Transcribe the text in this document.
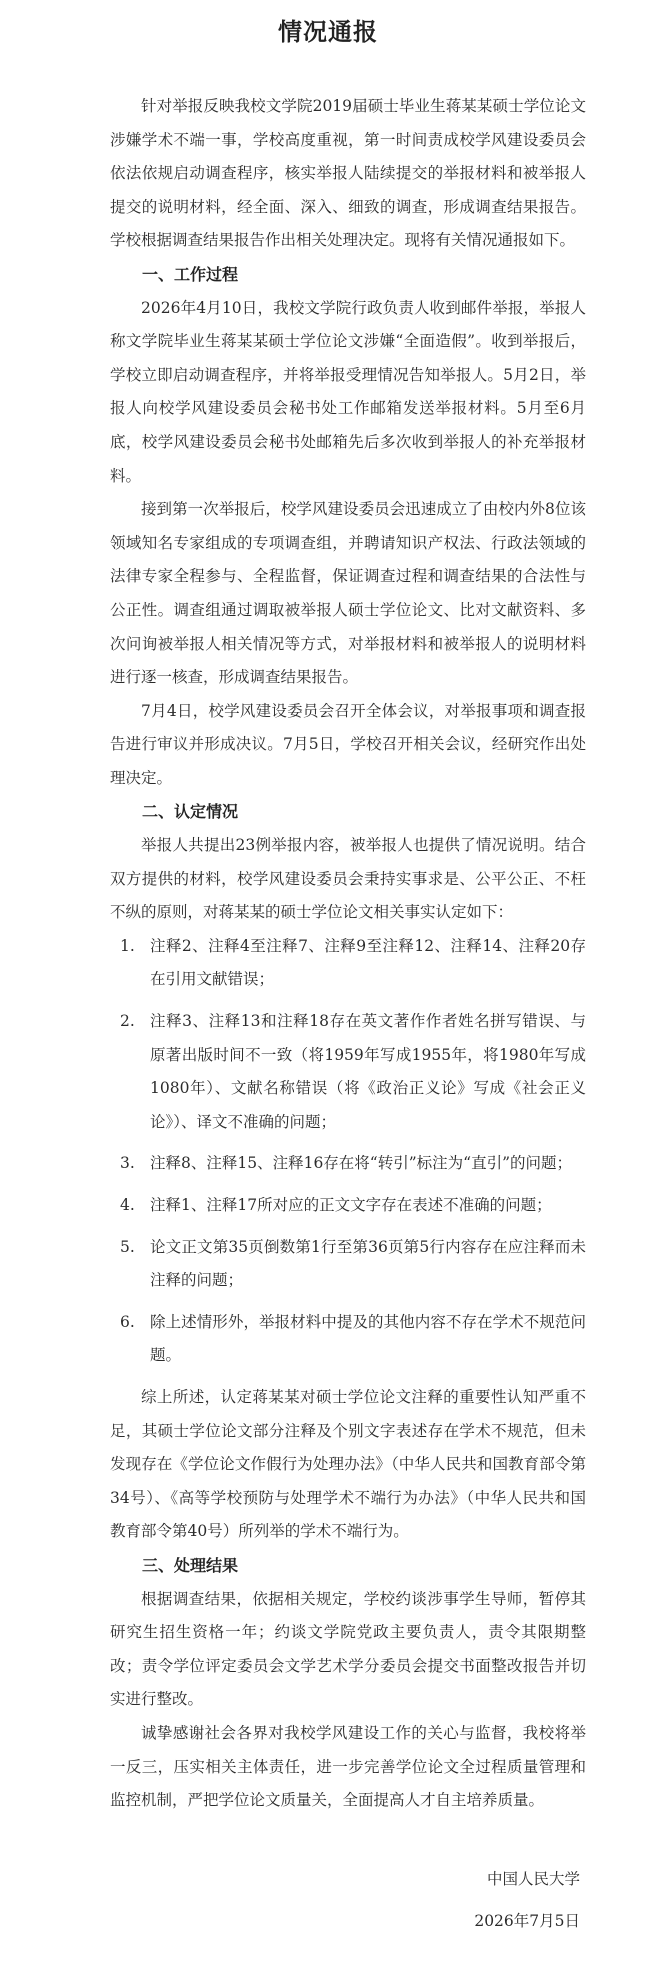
情况通报

针对举报反映我校文学院2019届硕士毕业生蒋某某硕士学位论文涉嫌学术不端一事，学校高度重视，第一时间责成校学风建设委员会依法依规启动调查程序，核实举报人陆续提交的举报材料和被举报人提交的说明材料，经全面、深入、细致的调查，形成调查结果报告。学校根据调查结果报告作出相关处理决定。现将有关情况通报如下。

一、工作过程

2026年4月10日，我校文学院行政负责人收到邮件举报，举报人称文学院毕业生蒋某某硕士学位论文涉嫌“全面造假”。收到举报后，学校立即启动调查程序，并将举报受理情况告知举报人。5月2日，举报人向校学风建设委员会秘书处工作邮箱发送举报材料。5月至6月底，校学风建设委员会秘书处邮箱先后多次收到举报人的补充举报材料。

接到第一次举报后，校学风建设委员会迅速成立了由校内外8位该领域知名专家组成的专项调查组，并聘请知识产权法、行政法领域的法律专家全程参与、全程监督，保证调查过程和调查结果的合法性与公正性。调查组通过调取被举报人硕士学位论文、比对文献资料、多次问询被举报人相关情况等方式，对举报材料和被举报人的说明材料进行逐一核查，形成调查结果报告。

7月4日，校学风建设委员会召开全体会议，对举报事项和调查报告进行审议并形成决议。7月5日，学校召开相关会议，经研究作出处理决定。

二、认定情况

举报人共提出23例举报内容，被举报人也提供了情况说明。结合双方提供的材料，校学风建设委员会秉持实事求是、公平公正、不枉不纵的原则，对蒋某某的硕士学位论文相关事实认定如下：

1. 注释2、注释4至注释7、注释9至注释12、注释14、注释20存在引用文献错误；
2. 注释3、注释13和注释18存在英文著作作者姓名拼写错误、与原著出版时间不一致（将1959年写成1955年，将1980年写成1080年）、文献名称错误（将《政治正义论》写成《社会正义论》）、译文不准确的问题；
3. 注释8、注释15、注释16存在将“转引”标注为“直引”的问题；
4. 注释1、注释17所对应的正文文字存在表述不准确的问题；
5. 论文正文第35页倒数第1行至第36页第5行内容存在应注释而未注释的问题；
6. 除上述情形外，举报材料中提及的其他内容不存在学术不规范问题。

综上所述，认定蒋某某对硕士学位论文注释的重要性认知严重不足，其硕士学位论文部分注释及个别文字表述存在学术不规范，但未发现存在《学位论文作假行为处理办法》（中华人民共和国教育部令第34号）、《高等学校预防与处理学术不端行为办法》（中华人民共和国教育部令第40号）所列举的学术不端行为。

三、处理结果

根据调查结果，依据相关规定，学校约谈涉事学生导师，暂停其研究生招生资格一年；约谈文学院党政主要负责人，责令其限期整改；责令学位评定委员会文学艺术学分委员会提交书面整改报告并切实进行整改。

诚挚感谢社会各界对我校学风建设工作的关心与监督，我校将举一反三，压实相关主体责任，进一步完善学位论文全过程质量管理和监控机制，严把学位论文质量关，全面提高人才自主培养质量。

中国人民大学
2026年7月5日
